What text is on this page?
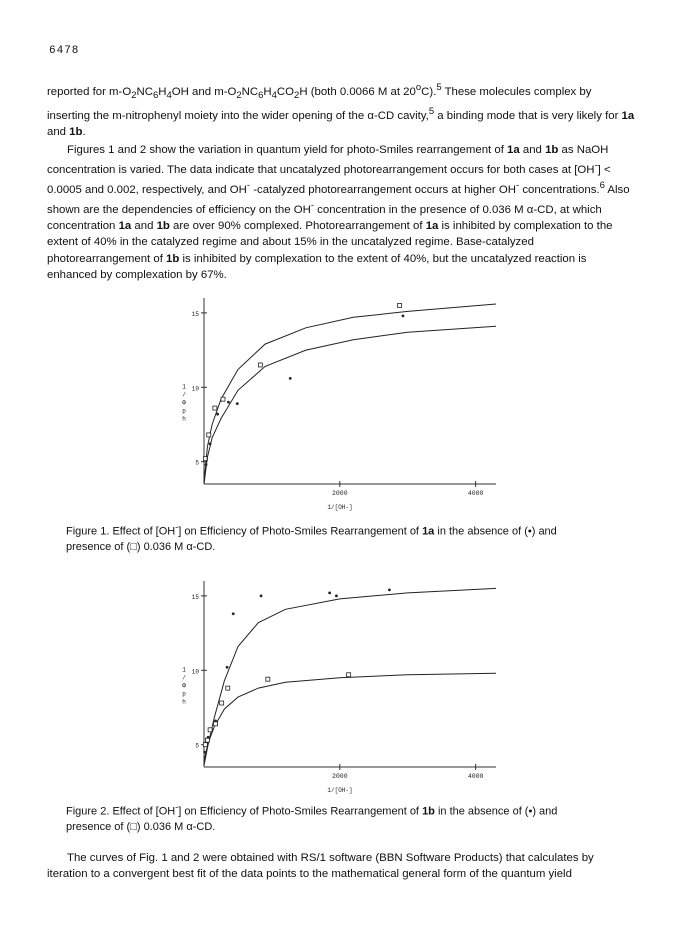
6478

reported for $m-O_2NC_6H_4OH$ and $m-O_2NC_6H_4CO_2H$ (both 0.0066 M at 20$^o$C).$^5$ These molecules complex by inserting the m-nitrophenyl moiety into the wider opening of the α-CD cavity,$^5$ a binding mode that is very likely for 1a and 1b.

Figures 1 and 2 show the variation in quantum yield for photo-Smiles rearrangement of 1a and 1b as NaOH concentration is varied. The data indicate that uncatalyzed photorearrangement occurs for both cases at [OH-] < 0.0005 and 0.002, respectively, and OH- -catalyzed photorearrangement occurs at higher OH- concentrations.$^6$ Also shown are the dependencies of efficiency on the OH- concentration in the presence of 0.036 M α-CD, at which concentration 1a and 1b are over 90% complexed. Photorearrangement of 1a is inhibited by complexation to the extent of 40% in the catalyzed regime and about 15% in the uncatalyzed regime. Base-catalyzed photorearrangement of 1b is inhibited by complexation to the extent of 40%, but the uncatalyzed reaction is enhanced by complexation by 67%.

5
10
15
2000	4000
1/[OH-]
1
/
Φ
p
h

Figure 1. Effect of [OH-] on Efficiency of Photo-Smiles Rearrangement of 1a in the absence of (•) and presence of (□) 0.036 M α-CD.

5
10
15
2000	4000
1/[OH-]
1
/
Φ
p
h

Figure 2. Effect of [OH-] on Efficiency of Photo-Smiles Rearrangement of 1b in the absence of (•) and presence of (□) 0.036 M α-CD.

The curves of Fig. 1 and 2 were obtained with RS/1 software (BBN Software Products) that calculates by iteration to a convergent best fit of the data points to the mathematical general form of the quantum yield
